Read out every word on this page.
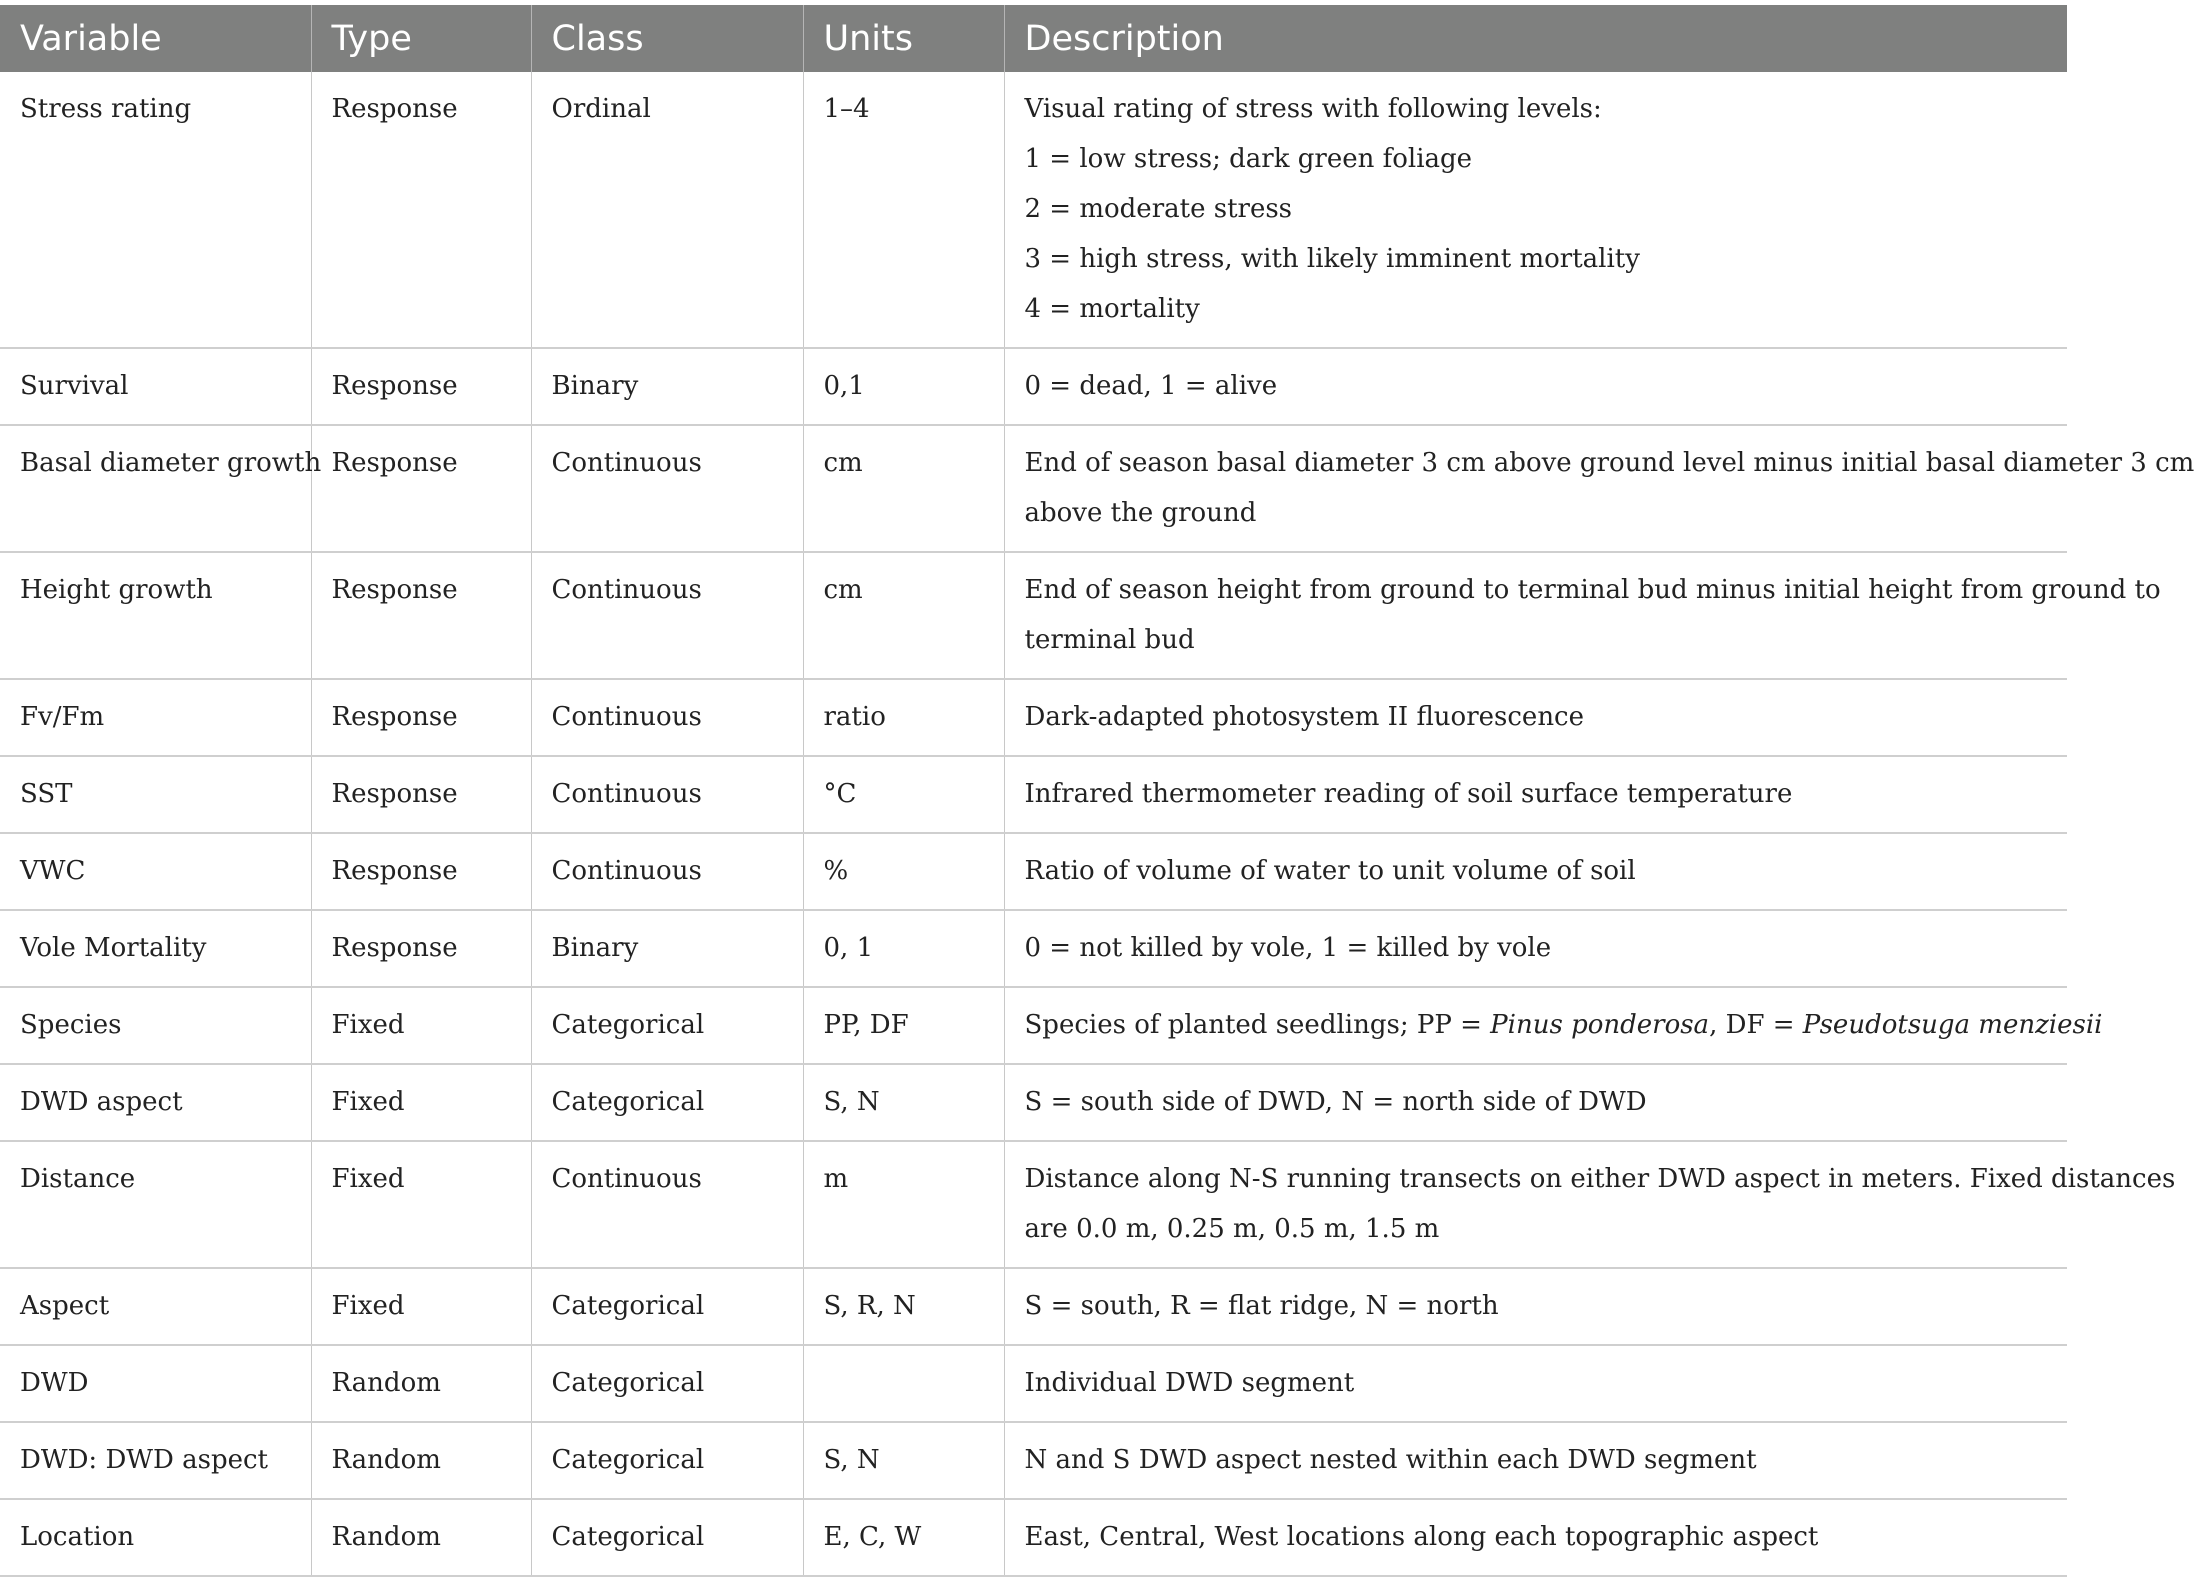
Variable	Type	Class	Units	Description

Stress rating	Response	Ordinal	1–4	Visual rating of stress with following levels:
1 = low stress; dark green foliage
2 = moderate stress
3 = high stress, with likely imminent mortality
4 = mortality

Survival	Response	Binary	0,1	0 = dead, 1 = alive

Basal diameter growth	Response	Continuous	cm	End of season basal diameter 3 cm above ground level minus initial basal diameter 3 cm
above the ground

Height growth	Response	Continuous	cm	End of season height from ground to terminal bud minus initial height from ground to
terminal bud

Fv/Fm	Response	Continuous	ratio	Dark-adapted photosystem II fluorescence

SST	Response	Continuous	°C	Infrared thermometer reading of soil surface temperature

VWC	Response	Continuous	%	Ratio of volume of water to unit volume of soil

Vole Mortality	Response	Binary	0, 1	0 = not killed by vole, 1 = killed by vole

Species	Fixed	Categorical	PP, DF	Species of planted seedlings; PP = Pinus ponderosa, DF = Pseudotsuga menziesii

DWD aspect	Fixed	Categorical	S, N	S = south side of DWD, N = north side of DWD

Distance	Fixed	Continuous	m	Distance along N-S running transects on either DWD aspect in meters. Fixed distances
are 0.0 m, 0.25 m, 0.5 m, 1.5 m

Aspect	Fixed	Categorical	S, R, N	S = south, R = flat ridge, N = north

DWD	Random	Categorical		Individual DWD segment

DWD: DWD aspect	Random	Categorical	S, N	N and S DWD aspect nested within each DWD segment

Location	Random	Categorical	E, C, W	East, Central, West locations along each topographic aspect
